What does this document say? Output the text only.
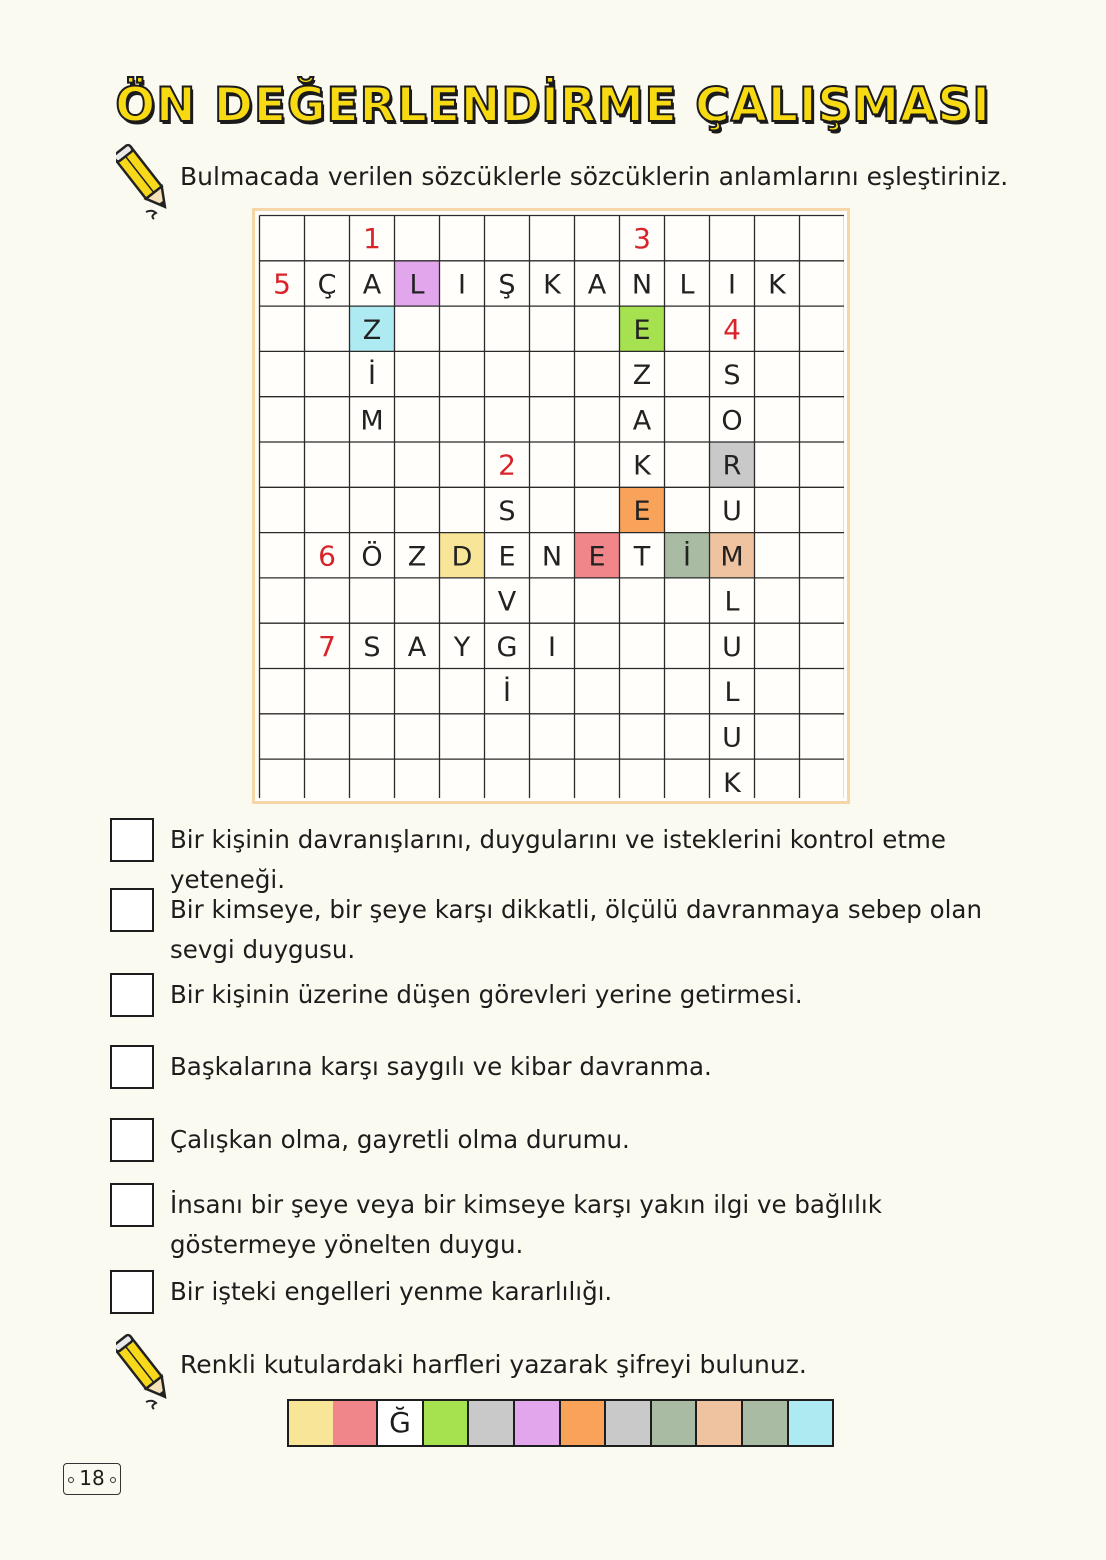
ÖN DEĞERLENDİRME ÇALIŞMASI
Bulmacada verilen sözcüklerle sözcüklerin anlamlarını eşleştiriniz.
Ç A L I Ş K A N L I K
Z	E
İ	Z	S
M	A	O
K	R
S	E	U
Ö Z D E N E T İ M
V	L
S A Y G I	U
İ	L
U
K
1	3
5
4
2
6
7
Bir kişinin davranışlarını, duygularını ve isteklerini kontrol etme yeteneği.
Bir kimseye, bir şeye karşı dikkatli, ölçülü davranmaya sebep olan sevgi duygusu.
Bir kişinin üzerine düşen görevleri yerine getirmesi.
Başkalarına karşı saygılı ve kibar davranma.
Çalışkan olma, gayretli olma durumu.
İnsanı bir şeye veya bir kimseye karşı yakın ilgi ve bağlılık göstermeye yönelten duygu.
Bir işteki engelleri yenme kararlılığı.
Renkli kutulardaki harfleri yazarak şifreyi bulunuz.
Ğ
18
